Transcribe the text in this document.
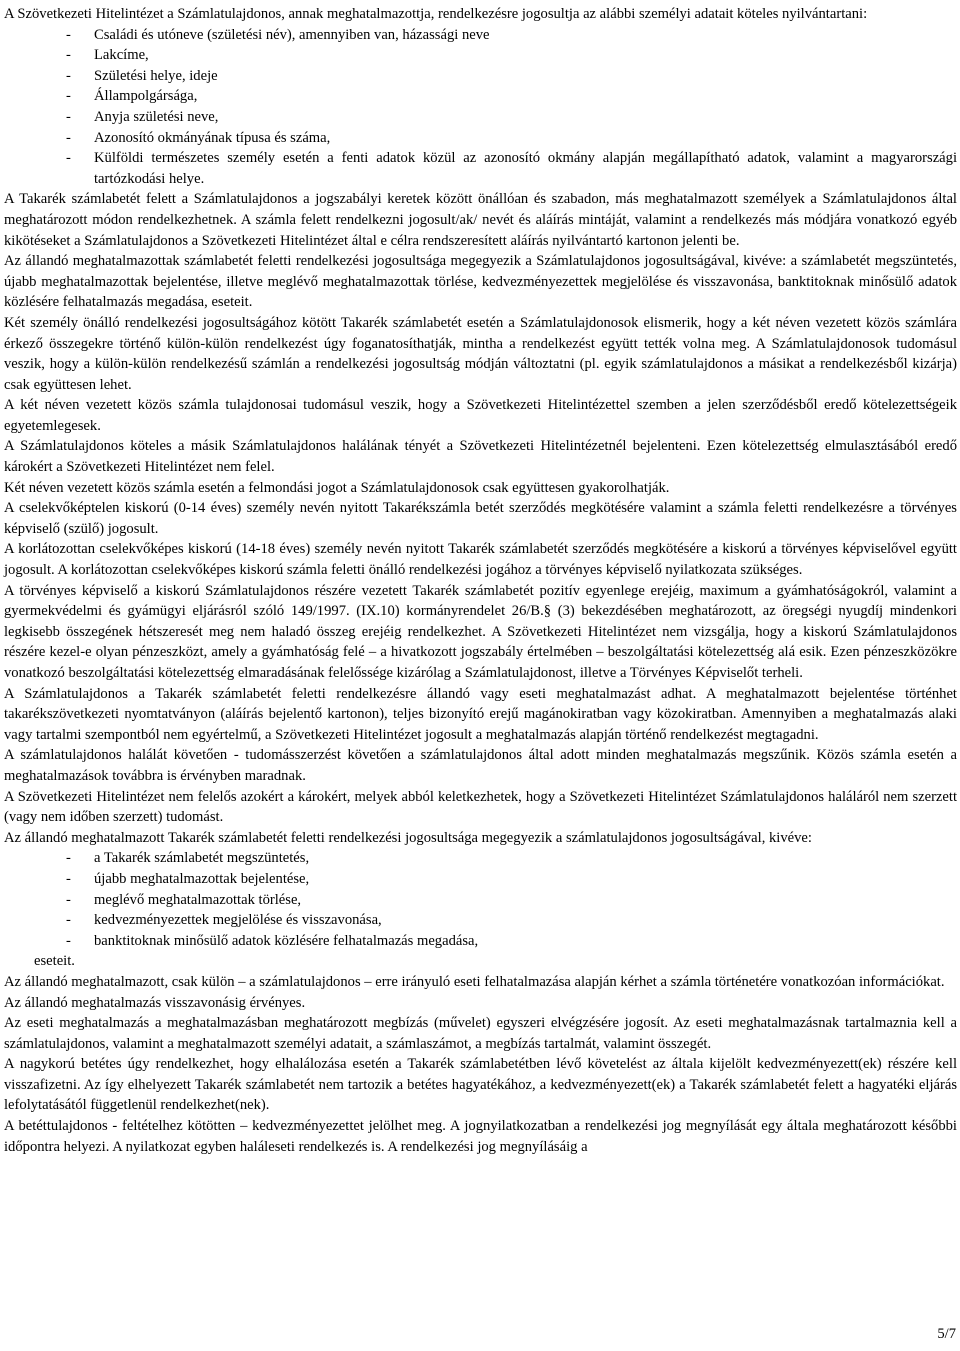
A Szövetkezeti Hitelintézet a Számlatulajdonos, annak meghatalmazottja, rendelkezésre jogosultja az alábbi személyi adatait köteles nyilvántartani:

- Családi és utóneve (születési név), amennyiben van, házassági neve
- Lakcíme,
- Születési helye, ideje
- Állampolgársága,
- Anyja születési neve,
- Azonosító okmányának típusa és száma,
- Külföldi természetes személy esetén a fenti adatok közül az azonosító okmány alapján megállapítható adatok, valamint a magyarországi tartózkodási helye.

A Takarék számlabetét felett a Számlatulajdonos a jogszabályi keretek között önállóan és szabadon, más meghatalmazott személyek a Számlatulajdonos által meghatározott módon rendelkezhetnek. A számla felett rendelkezni jogosult/ak/ nevét és aláírás mintáját, valamint a rendelkezés más módjára vonatkozó egyéb kikötéseket a Számlatulajdonos a Szövetkezeti Hitelintézet által e célra rendszeresített aláírás nyilvántartó kartonon jelenti be.

Az állandó meghatalmazottak számlabetét feletti rendelkezési jogosultsága megegyezik a Számlatulajdonos jogosultságával, kivéve: a számlabetét megszüntetés, újabb meghatalmazottak bejelentése, illetve meglévő meghatalmazottak törlése, kedvezményezettek megjelölése és visszavonása, banktitoknak minősülő adatok közlésére felhatalmazás megadása, eseteit.

Két személy önálló rendelkezési jogosultságához kötött Takarék számlabetét esetén a Számlatulajdonosok elismerik, hogy a két néven vezetett közös számlára érkező összegekre történő külön-külön rendelkezést úgy foganatosíthatják, mintha a rendelkezést együtt tették volna meg. A Számlatulajdonosok tudomásul veszik, hogy a külön-külön rendelkezésű számlán a rendelkezési jogosultság módján változtatni (pl. egyik számlatulajdonos a másikat a rendelkezésből kizárja) csak együttesen lehet.

A két néven vezetett közös számla tulajdonosai tudomásul veszik, hogy a Szövetkezeti Hitelintézettel szemben a jelen szerződésből eredő kötelezettségeik egyetemlegesek.

A Számlatulajdonos köteles a másik Számlatulajdonos halálának tényét a Szövetkezeti Hitelintézetnél bejelenteni. Ezen kötelezettség elmulasztásából eredő károkért a Szövetkezeti Hitelintézet nem felel.

Két néven vezetett közös számla esetén a felmondási jogot a Számlatulajdonosok csak együttesen gyakorolhatják.

A cselekvőképtelen kiskorú (0-14 éves) személy nevén nyitott Takarékszámla betét szerződés megkötésére valamint a számla feletti rendelkezésre a törvényes képviselő (szülő) jogosult.

A korlátozottan cselekvőképes kiskorú (14-18 éves) személy nevén nyitott Takarék számlabetét szerződés megkötésére a kiskorú a törvényes képviselővel együtt jogosult. A korlátozottan cselekvőképes kiskorú számla feletti önálló rendelkezési jogához a törvényes képviselő nyilatkozata szükséges.

A törvényes képviselő a kiskorú Számlatulajdonos részére vezetett Takarék számlabetét pozitív egyenlege erejéig, maximum a gyámhatóságokról, valamint a gyermekvédelmi és gyámügyi eljárásról szóló 149/1997. (IX.10) kormányrendelet 26/B.§ (3) bekezdésében meghatározott, az öregségi nyugdíj mindenkori legkisebb összegének hétszeresét meg nem haladó összeg erejéig rendelkezhet. A Szövetkezeti Hitelintézet nem vizsgálja, hogy a kiskorú Számlatulajdonos részére kezel-e olyan pénzeszközt, amely a gyámhatóság felé – a hivatkozott jogszabály értelmében – beszolgáltatási kötelezettség alá esik. Ezen pénzeszközökre vonatkozó beszolgáltatási kötelezettség elmaradásának felelőssége kizárólag a Számlatulajdonost, illetve a Törvényes Képviselőt terheli.

A Számlatulajdonos a Takarék számlabetét feletti rendelkezésre állandó vagy eseti meghatalmazást adhat. A meghatalmazott bejelentése történhet takarékszövetkezeti nyomtatványon (aláírás bejelentő kartonon), teljes bizonyító erejű magánokiratban vagy közokiratban. Amennyiben a meghatalmazás alaki vagy tartalmi szempontból nem egyértelmű, a Szövetkezeti Hitelintézet jogosult a meghatalmazás alapján történő rendelkezést megtagadni.

A számlatulajdonos halálát követően - tudomásszerzést követően a számlatulajdonos által adott minden meghatalmazás megszűnik. Közös számla esetén a meghatalmazások továbbra is érvényben maradnak.

A Szövetkezeti Hitelintézet nem felelős azokért a károkért, melyek abból keletkezhetek, hogy a Szövetkezeti Hitelintézet Számlatulajdonos haláláról nem szerzett (vagy nem időben szerzett) tudomást.

Az állandó meghatalmazott Takarék számlabetét feletti rendelkezési jogosultsága megegyezik a számlatulajdonos jogosultságával, kivéve:

- a Takarék számlabetét megszüntetés,
- újabb meghatalmazottak bejelentése,
- meglévő meghatalmazottak törlése,
- kedvezményezettek megjelölése és visszavonása,
- banktitoknak minősülő adatok közlésére felhatalmazás megadása,

eseteit.

Az állandó meghatalmazott, csak külön – a számlatulajdonos – erre irányuló eseti felhatalmazása alapján kérhet a számla történetére vonatkozóan információkat.

Az állandó meghatalmazás visszavonásig érvényes.

Az eseti meghatalmazás a meghatalmazásban meghatározott megbízás (művelet) egyszeri elvégzésére jogosít. Az eseti meghatalmazásnak tartalmaznia kell a számlatulajdonos, valamint a meghatalmazott személyi adatait, a számlaszámot, a megbízás tartalmát, valamint összegét.

A nagykorú betétes úgy rendelkezhet, hogy elhalálozása esetén a Takarék számlabetétben lévő követelést az általa kijelölt kedvezményezett(ek) részére kell visszafizetni. Az így elhelyezett Takarék számlabetét nem tartozik a betétes hagyatékához, a kedvezményezett(ek) a Takarék számlabetét felett a hagyatéki eljárás lefolytatásától függetlenül rendelkezhet(nek).

A betéttulajdonos - feltételhez kötötten – kedvezményezettet jelölhet meg. A jognyilatkozatban a rendelkezési jog megnyílását egy általa meghatározott későbbi időpontra helyezi. A nyilatkozat egyben haláleseti rendelkezés is. A rendelkezési jog megnyílásáig a

5/7
